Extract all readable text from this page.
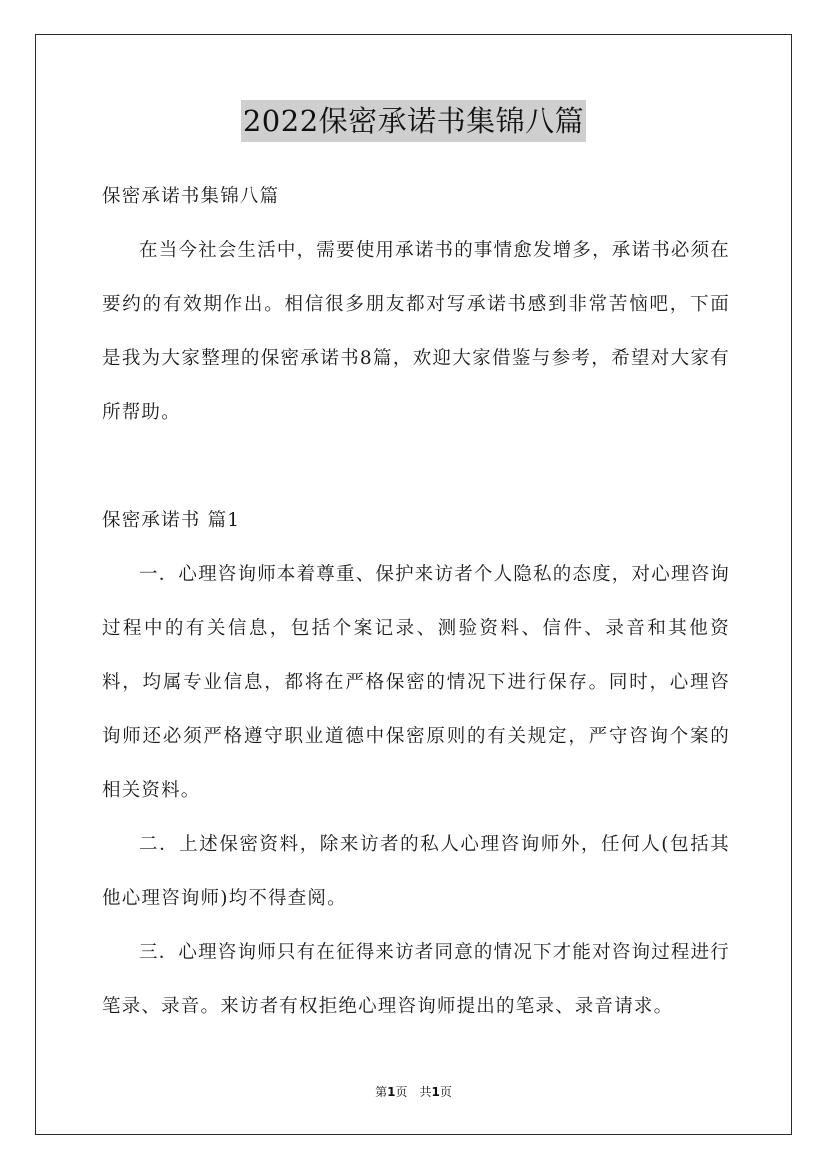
2022保密承诺书集锦八篇

保密承诺书集锦八篇

在当今社会生活中，需要使用承诺书的事情愈发增多，承诺书必须在要约的有效期作出。相信很多朋友都对写承诺书感到非常苦恼吧，下面是我为大家整理的保密承诺书8篇，欢迎大家借鉴与参考，希望对大家有所帮助。

保密承诺书 篇1

一．心理咨询师本着尊重、保护来访者个人隐私的态度，对心理咨询过程中的有关信息，包括个案记录、测验资料、信件、录音和其他资料，均属专业信息，都将在严格保密的情况下进行保存。同时，心理咨询师还必须严格遵守职业道德中保密原则的有关规定，严守咨询个案的相关资料。

二．上述保密资料，除来访者的私人心理咨询师外，任何人(包括其他心理咨询师)均不得查阅。

三．心理咨询师只有在征得来访者同意的情况下才能对咨询过程进行笔录、录音。来访者有权拒绝心理咨询师提出的笔录、录音请求。

第1页　共1页
